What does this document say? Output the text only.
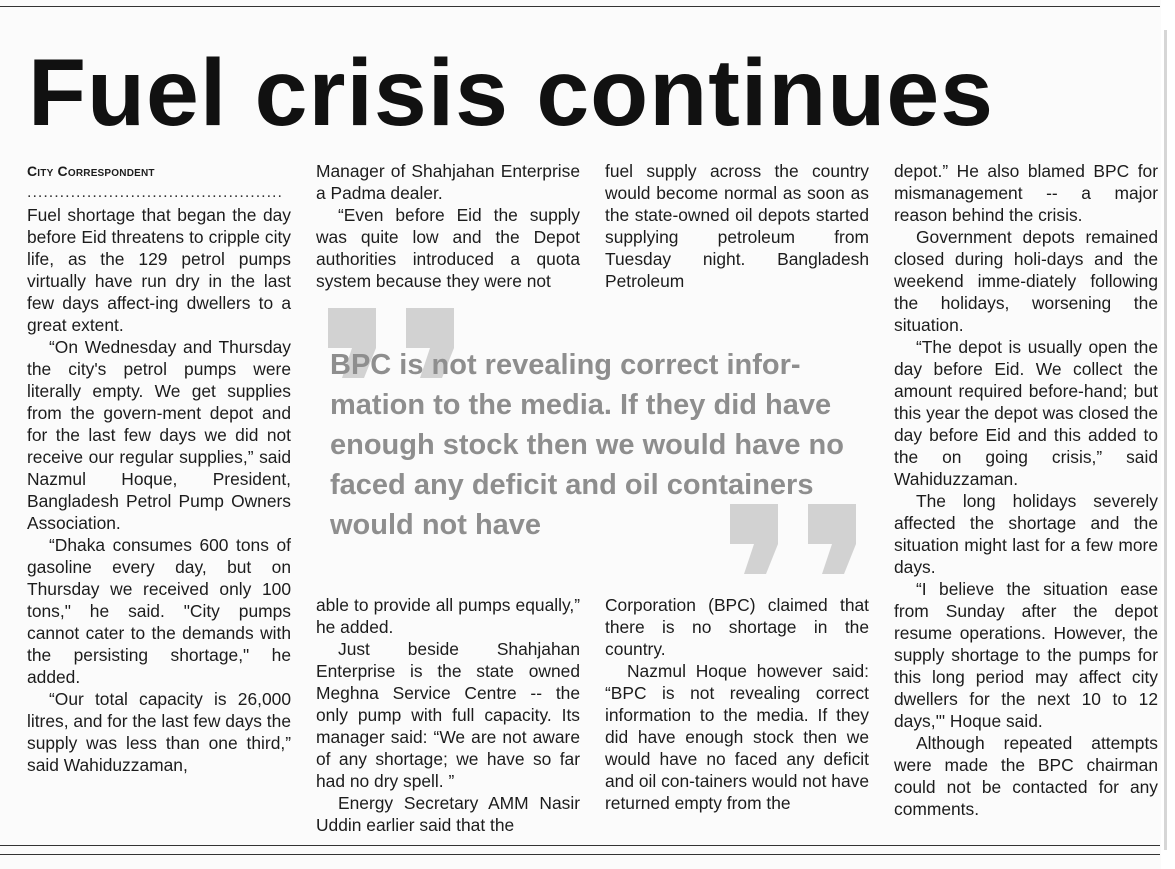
Fuel crisis continues

BPC is not revealing correct infor-mation to the media. If they did have enough stock then we would have no faced any deficit and oil containers would not have

City Correspondent

...............................................

Fuel shortage that began the day before Eid threatens to cripple city life, as the 129 petrol pumps virtually have run dry in the last few days affect-ing dwellers to a great extent.

“On Wednesday and Thursday the city's petrol pumps were literally empty. We get supplies from the govern-ment depot and for the last few days we did not receive our regular supplies,” said Nazmul Hoque, President, Bangladesh Petrol Pump Owners Association.

“Dhaka consumes 600 tons of gasoline every day, but on Thursday we received only 100 tons," he said. "City pumps cannot cater to the demands with the persisting shortage," he added.

“Our total capacity is 26,000 litres, and for the last few days the supply was less than one third,” said Wahiduzzaman,

Manager of Shahjahan Enterprise a Padma dealer.

“Even before Eid the supply was quite low and the Depot authorities introduced a quota system because they were not

fuel supply across the country would become normal as soon as the state-owned oil depots started supplying petroleum from Tuesday night. Bangladesh Petroleum

able to provide all pumps equally,” he added.

Just beside Shahjahan Enterprise is the state owned Meghna Service Centre -- the only pump with full capacity. Its manager said: “We are not aware of any shortage; we have so far had no dry spell. ”

Energy Secretary AMM Nasir Uddin earlier said that the

Corporation (BPC) claimed that there is no shortage in the country.

Nazmul Hoque however said: “BPC is not revealing correct information to the media. If they did have enough stock then we would have no faced any deficit and oil con-tainers would not have returned empty from the

depot.” He also blamed BPC for mismanagement -- a major reason behind the crisis.

Government depots remained closed during holi-days and the weekend imme-diately following the holidays, worsening the situation.

“The depot is usually open the day before Eid. We collect the amount required before-hand; but this year the depot was closed the day before Eid and this added to the on going crisis,” said Wahiduzzaman.

The long holidays severely affected the shortage and the situation might last for a few more days.

“I believe the situation ease from Sunday after the depot resume operations. However, the supply shortage to the pumps for this long period may affect city dwellers for the next 10 to 12 days,'" Hoque said.

Although repeated attempts were made the BPC chairman could not be contacted for any comments.
